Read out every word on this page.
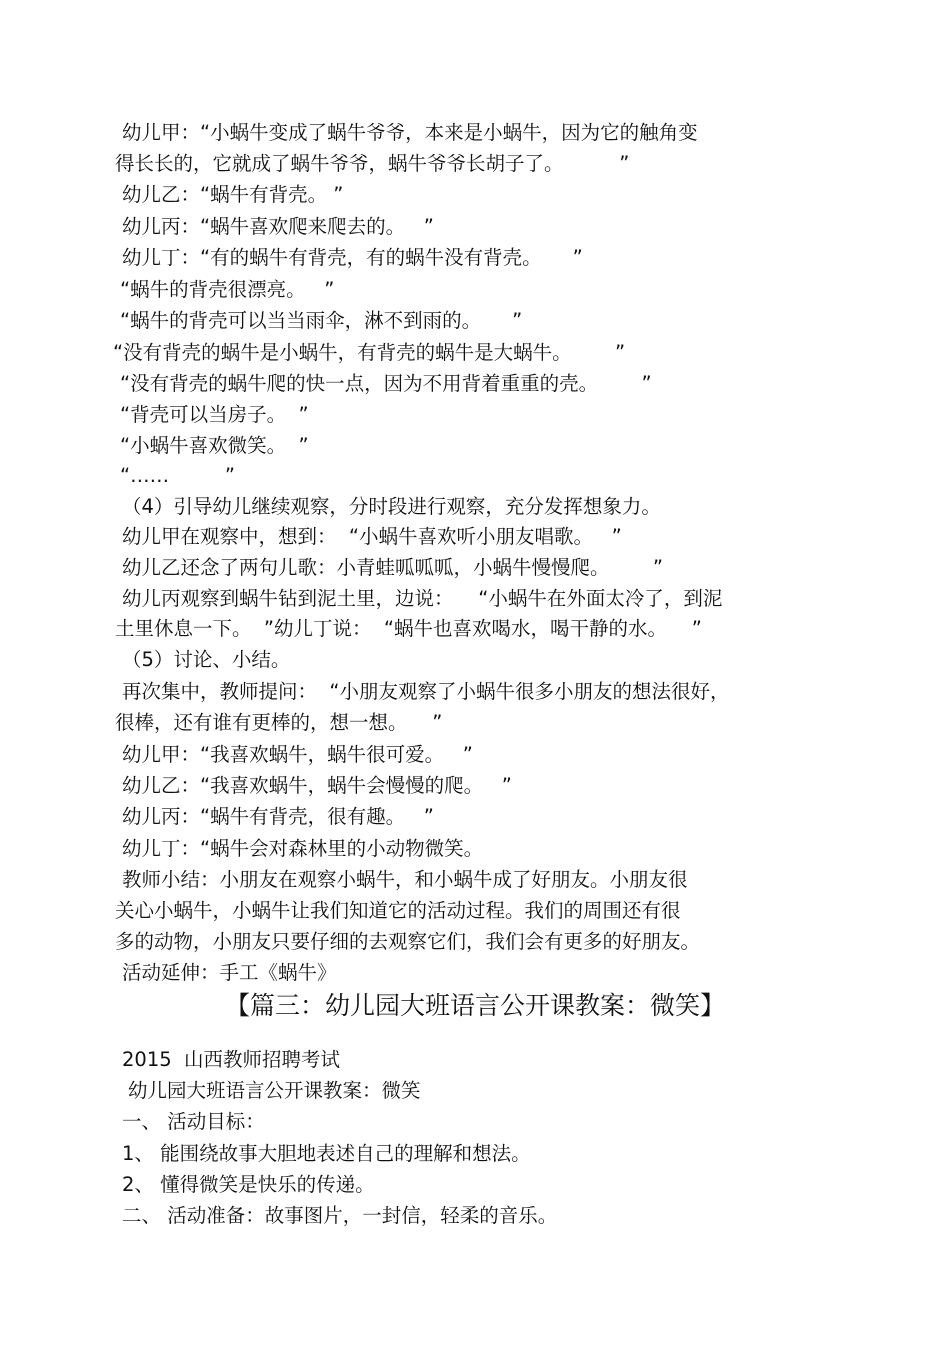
幼儿甲：“小蜗牛变成了蜗牛爷爷，本来是小蜗牛，因为它的触角变
得长长的，它就成了蜗牛爷爷，蜗牛爷爷长胡子了。         ”
幼儿乙：“蜗牛有背壳。 ”
幼儿丙：“蜗牛喜欢爬来爬去的。   ”
幼儿丁：“有的蜗牛有背壳，有的蜗牛没有背壳。     ”
“蜗牛的背壳很漂亮。   ”
“蜗牛的背壳可以当当雨伞，淋不到雨的。     ”
“没有背壳的蜗牛是小蜗牛，有背壳的蜗牛是大蜗牛。       ”
“没有背壳的蜗牛爬的快一点，因为不用背着重重的壳。       ”
“背壳可以当房子。  ”
“小蜗牛喜欢微笑。  ”
“……         ”
（4）引导幼儿继续观察，分时段进行观察，充分发挥想象力。
幼儿甲在观察中，想到：  “小蜗牛喜欢听小朋友唱歌。   ”
幼儿乙还念了两句儿歌：小青蛙呱呱呱，小蜗牛慢慢爬。       ”
幼儿丙观察到蜗牛钻到泥土里，边说：    “小蜗牛在外面太冷了，到泥
土里休息一下。  ”幼儿丁说：  “蜗牛也喜欢喝水，喝干静的水。    ”
（5）讨论、小结。
再次集中，教师提问：  “小朋友观察了小蜗牛很多小朋友的想法很好，
很棒，还有谁有更棒的，想一想。    ”
幼儿甲：“我喜欢蜗牛，蜗牛很可爱。   ”
幼儿乙：“我喜欢蜗牛，蜗牛会慢慢的爬。   ”
幼儿丙：“蜗牛有背壳，很有趣。   ”
幼儿丁：“蜗牛会对森林里的小动物微笑。
教师小结：小朋友在观察小蜗牛，和小蜗牛成了好朋友。小朋友很
关心小蜗牛，小蜗牛让我们知道它的活动过程。我们的周围还有很
多的动物，小朋友只要仔细的去观察它们，我们会有更多的好朋友。
活动延伸：手工《蜗牛》
【篇三：幼儿园大班语言公开课教案：微笑】
2015  山西教师招聘考试
幼儿园大班语言公开课教案：微笑
一、 活动目标：
1、 能围绕故事大胆地表述自己的理解和想法。
2、 懂得微笑是快乐的传递。
二、 活动准备：故事图片，一封信，轻柔的音乐。
